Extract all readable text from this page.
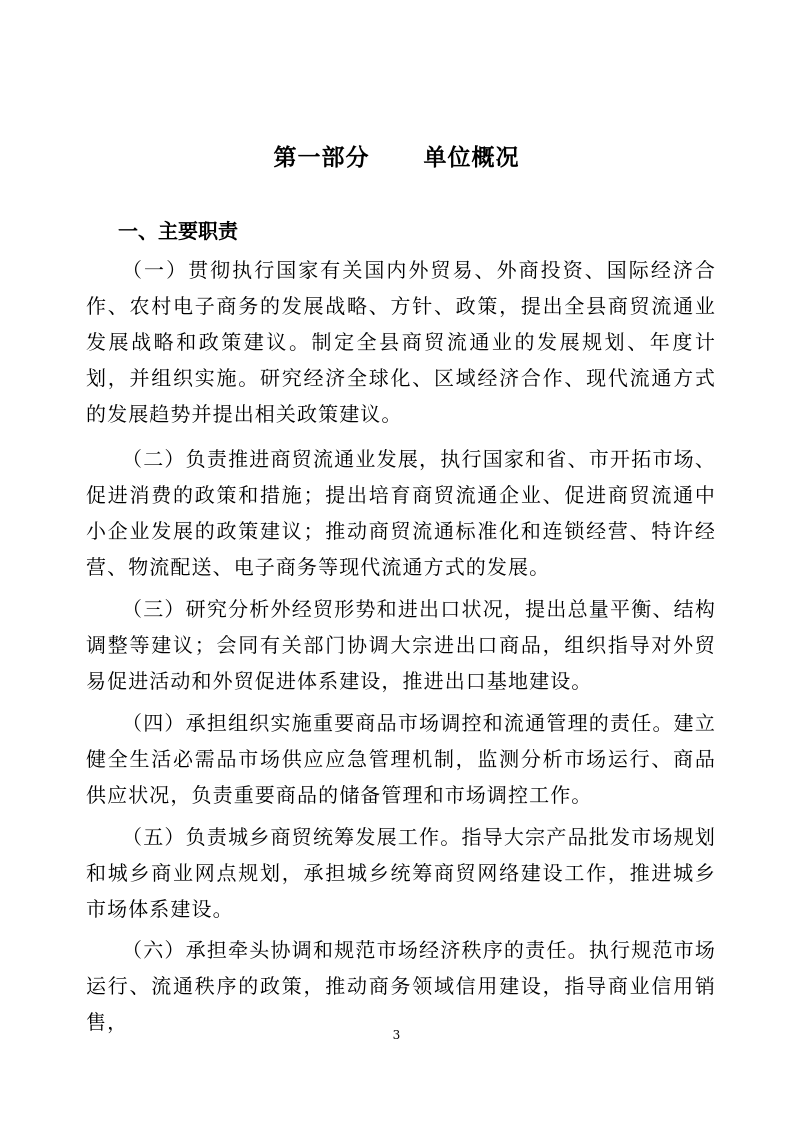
第一部分      单位概况
一、主要职责
（一）贯彻执行国家有关国内外贸易、外商投资、国际经济合作、农村电子商务的发展战略、方针、政策，提出全县商贸流通业发展战略和政策建议。制定全县商贸流通业的发展规划、年度计划，并组织实施。研究经济全球化、区域经济合作、现代流通方式的发展趋势并提出相关政策建议。
（二）负责推进商贸流通业发展，执行国家和省、市开拓市场、促进消费的政策和措施；提出培育商贸流通企业、促进商贸流通中小企业发展的政策建议；推动商贸流通标准化和连锁经营、特许经营、物流配送、电子商务等现代流通方式的发展。
（三）研究分析外经贸形势和进出口状况，提出总量平衡、结构调整等建议；会同有关部门协调大宗进出口商品，组织指导对外贸易促进活动和外贸促进体系建设，推进出口基地建设。
（四）承担组织实施重要商品市场调控和流通管理的责任。建立健全生活必需品市场供应应急管理机制，监测分析市场运行、商品供应状况，负责重要商品的储备管理和市场调控工作。
（五）负责城乡商贸统筹发展工作。指导大宗产品批发市场规划和城乡商业网点规划，承担城乡统筹商贸网络建设工作，推进城乡市场体系建设。
（六）承担牵头协调和规范市场经济秩序的责任。执行规范市场运行、流通秩序的政策，推动商务领域信用建设，指导商业信用销售，
3
